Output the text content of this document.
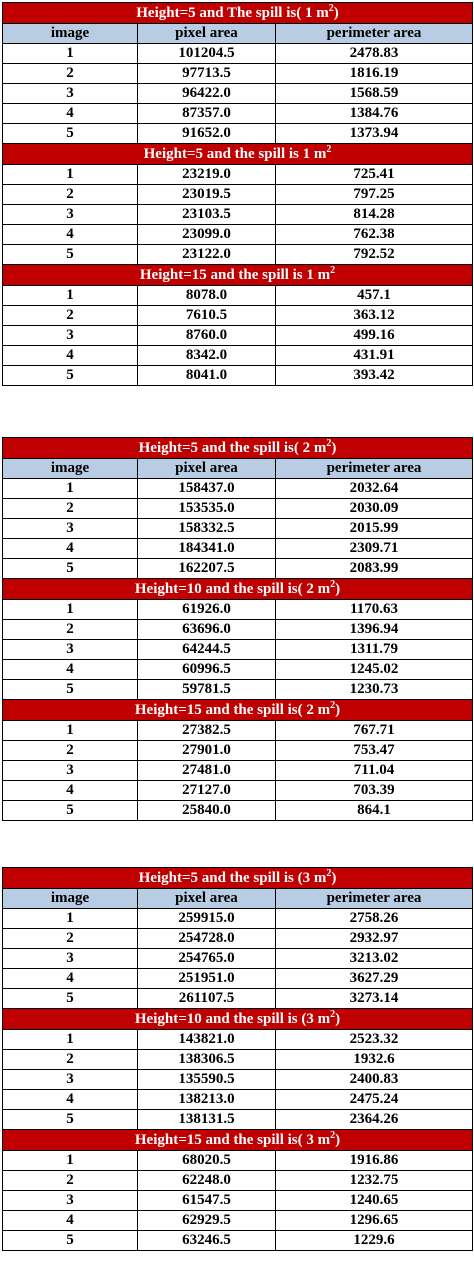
Height=5 and The spill is( 1 $m^2$)		
image	pixel area	perimeter area
1	101204.5	2478.83
2	97713.5	1816.19
3	96422.0	1568.59
4	87357.0	1384.76
5	91652.0	1373.94
Height=5 and the spill is 1 $m^2$
1	23219.0	725.41
2	23019.5	797.25
3	23103.5	814.28
4	23099.0	762.38
5	23122.0	792.52
Height=15 and the spill is 1 $m^2$
1	8078.0	457.1
2	7610.5	363.12
3	8760.0	499.16
4	8342.0	431.91
5	8041.0	393.42
Height=5 and the spill is( 2 $m^2$)		
image	pixel area	perimeter area
1	158437.0	2032.64
2	153535.0	2030.09
3	158332.5	2015.99
4	184341.0	2309.71
5	162207.5	2083.99
Height=10 and the spill is( 2 $m^2$)		
1	61926.0	1170.63
2	63696.0	1396.94
3	64244.5	1311.79
4	60996.5	1245.02
5	59781.5	1230.73
Height=15 and the spill is( 2 $m^2$)		
1	27382.5	767.71
2	27901.0	753.47
3	27481.0	711.04
4	27127.0	703.39
5	25840.0	864.1
Height=5 and the spill is (3 $m^2$)		
image	pixel area	perimeter area
1	259915.0	2758.26
2	254728.0	2932.97
3	254765.0	3213.02
4	251951.0	3627.29
5	261107.5	3273.14
Height=10 and the spill is (3 $m^2$)		
1	143821.0	2523.32
2	138306.5	1932.6
3	135590.5	2400.83
4	138213.0	2475.24
5	138131.5	2364.26
Height=15 and the spill is( 3 $m^2$)		
1	68020.5	1916.86
2	62248.0	1232.75
3	61547.5	1240.65
4	62929.5	1296.65
5	63246.5	1229.6
